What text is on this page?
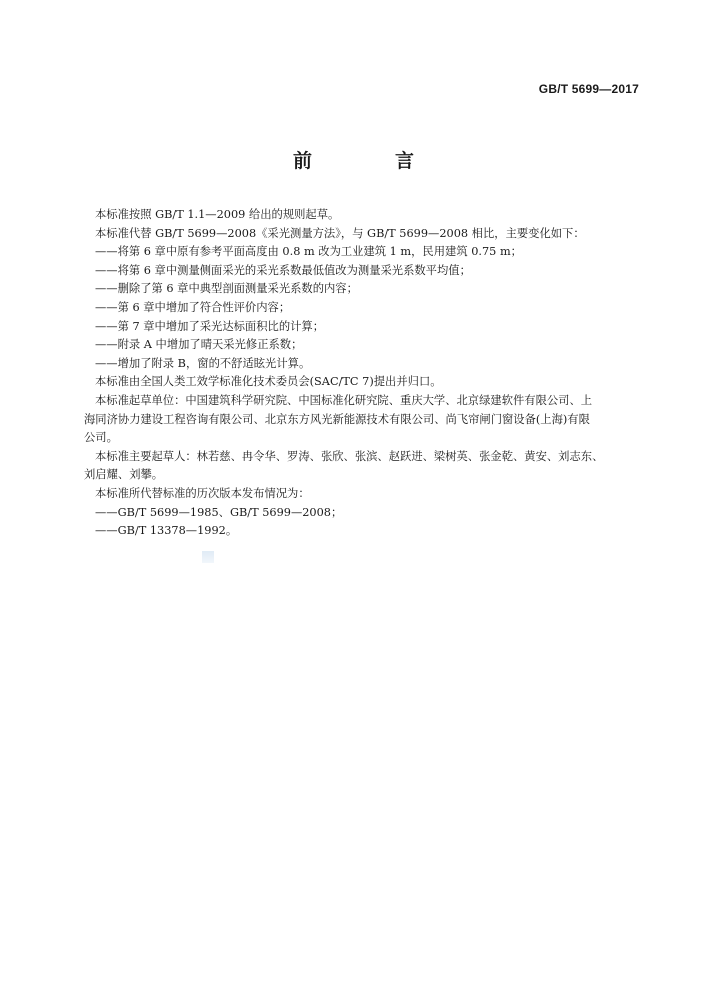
GB/T 5699—2017
前　言

本标准按照 GB/T 1.1—2009 给出的规则起草。

本标准代替 GB/T 5699—2008《采光测量方法》，与 GB/T 5699—2008 相比，主要变化如下：

——将第 6 章中原有参考平面高度由 0.8 m 改为工业建筑 1 m，民用建筑 0.75 m；

——将第 6 章中测量侧面采光的采光系数最低值改为测量采光系数平均值；

——删除了第 6 章中典型剖面测量采光系数的内容；

——第 6 章中增加了符合性评价内容；

——第 7 章中增加了采光达标面积比的计算；

——附录 A 中增加了晴天采光修正系数；

——增加了附录 B，窗的不舒适眩光计算。

本标准由全国人类工效学标准化技术委员会(SAC/TC 7)提出并归口。

本标准起草单位：中国建筑科学研究院、中国标准化研究院、重庆大学、北京绿建软件有限公司、上

海同济协力建设工程咨询有限公司、北京东方风光新能源技术有限公司、尚飞帘闸门窗设备(上海)有限

公司。

本标准主要起草人：林若慈、冉令华、罗涛、张欣、张滨、赵跃进、梁树英、张金乾、黄安、刘志东、

刘启耀、刘攀。

本标准所代替标准的历次版本发布情况为：

——GB/T 5699—1985、GB/T 5699—2008；

——GB/T 13378—1992。
